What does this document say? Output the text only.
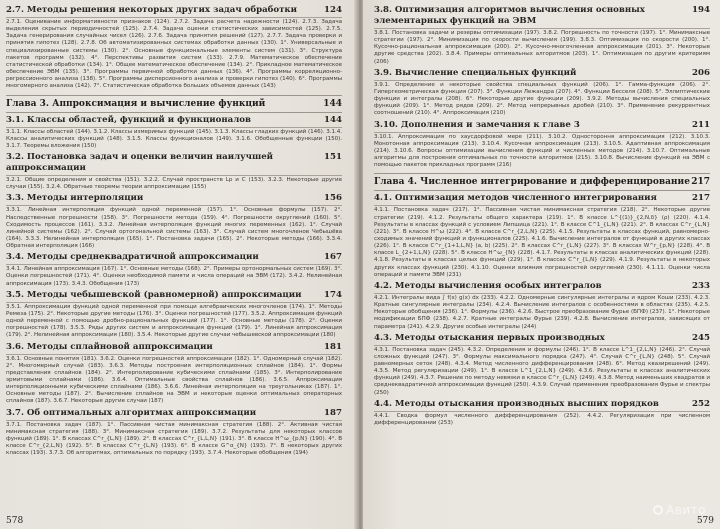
2.7. Методы решения некоторых других задач обработки	124
2.7.1. Оценивание информативности признаков (124). 2.7.2. Задача расчета надежности (124). 2.7.3. Задача выделения скрытых периодичностей (125). 2.7.4. Задача оценки статистических зависимостей (125). 2.7.5. Задача генерирования случайных чисел (126). 2.7.6. Задача принятия решений (127). 2.7.7. Задача проверки и принятия гипотез (128). 2.7.8. Об автоматизированных системах обработки данных (130). 1°. Универсальные и специализированные системы (130). 2°. Основные функциональные элементы систем (131). 3°. Структура пакетов программ (132). 4°. Перспективы развития систем (133). 2.7.9. Математическое обеспечение статистической обработки (134). 1°. Общее математическое обеспечение (134). 2°. Прикладное математическое обеспечение ЭВМ (135). 3°. Программы первичной обработки данных (136). 4°. Программы корреляционно-регрессионного анализа (138). 5°. Программы дисперсионного анализа и проверки гипотез (140). 6°. Программы многомерного анализа (142). 7°. Статистическая обработка больших объемов данных (143)
Глава 3. Аппроксимация и вычисление функций	144
3.1. Классы областей, функций и функционалов	144
3.1.1. Классы областей (144). 3.1.2. Классы измеримых функций (145). 3.1.3. Классы гладких функций (146). 3.1.4. Классы аналитических функций (148). 3.1.5. Классы функционалов (149). 3.1.6. Обобщенные функции (150). 3.1.7. Теоремы вложения (150)
3.2. Постановка задач и оценки величин наилучшей аппроксимации
151
3.2.1. Общие определения и свойства (151). 3.2.2. Случай пространств Lp и C (153). 3.2.3. Некоторые другие случаи (155). 3.2.4. Обратные теоремы теории аппроксимации (155)
3.3. Методы интерполяции	156
3.3.1. Линейная интерполяция функций одной переменной (157). 1°. Основные формулы (157). 2°. Наследственные погрешности (158). 3°. Погрешности метода (159). 4°. Погрешности округлений (160). 5°. Сходимость процессов (161). 3.3.2. Линейная интерполяция функций многих переменных (162). 1°. Случай линейной системы (162). 2°. Случай ортогональной системы (163). 3°. Случай систем многочленов Чебышёва (164). 3.3.3. Нелинейная интерполяция (165). 1°. Постановка задачи (165). 2°. Некоторые методы (166). 3.3.4. Обратная интерполяция (166)
3.4. Методы среднеквадратичной аппроксимации	167
3.4.1. Линейная аппроксимация (167). 1°. Основные методы (168). 2°. Примеры ортонормальных систем (169). 3°. Оценки погрешностей (171). 4°. Оценки необходимой памяти и числа операций на ЭВМ (172). 3.4.2. Нелинейная аппроксимация (173). 3.4.3. Обобщения (173)
3.5. Методы чебышевской (равномерной) аппроксимации	174
3.5.1. Аппроксимация функций одной переменной при помощи алгебраических многочленов (174). 1°. Методы Ремеза (175). 2°. Некоторые другие методы (176). 3°. Оценки погрешностей (177). 3.5.2. Аппроксимация функций одной переменной с помощью дробно-рациональных функций (177). 1°. Основные методы (178). 2°. Оценки погрешностей (178). 3.5.3. Ряды других систем и аппроксимация функций (179). 1°. Линейная аппроксимация (179). 2°. Нелинейная аппроксимация (180). 3.5.4. Некоторые другие случаи чебышевской аппроксимации (180)
3.6. Методы сплайновой аппроксимации	181
3.6.1. Основные понятия (181). 3.6.2. Оценки погрешностей аппроксимации (182). 1°. Одномерный случай (182). 2°. Многомерный случай (183). 3.6.3. Методы построения интерполяционных сплайнов (184). 1°. Формы представления сплайнов (184). 2°. Интерполирование кубическими сплайнами (185). 3°. Интерполирование эрмитовыми сплайнами (186). 3.6.4. Оптимальные свойства сплайнов (186). 3.6.5. Аппроксимация интерполяционными кубическими сплайнами (186). 3.6.6. Линейная интерполяция на треугольниках (187). 1°. Основные методы (187). 2°. Вычисление сплайнов на ЭВМ и некоторые оценки оптимальных операторных сплайнов (187). 3.6.7. Некоторые другие случаи (187)
3.7. Об оптимальных алгоритмах аппроксимации	187
3.7.1. Постановка задач (187). 1°. Пассивная чистая минимаксная стратегия (188). 2°. Активная чистая минимаксная стратегия (188). 3°. Минимаксная стратегия (189). 3.7.2. Результаты для некоторых классов функций (189). 1°. В классах C^r_{L,N} (189). 2°. В классах C^r_{L,L,N} (191). 3°. В классе H^ω_{p,N} (190). 4°. В классе C^r_{2,L,N} (192). 5°. В классах C^r_{L,N} (193). 6°. В классе G^α_{N} (193). 7°. В некоторых других классах (193). 3.7.3. Об алгоритмах, оптимальных по порядку (193). 3.7.4. Некоторые обобщения (194)
3.8. Оптимизация алгоритмов вычисления основных элементарных функций на ЭВМ
194
3.8.1. Постановка задачи и резервы оптимизации (197). 3.8.2. Погрешность по точности (197). 1°. Минимаксные стратегии (197). 2°. Минимизация по скорости вычисления (199). 3.8.3. Оптимизация по скорости (200). 1°. Кусочно-рациональная аппроксимация (200). 2°. Кусочно-многочленная аппроксимация (201). 3°. Некоторые другие средства (202). 3.8.4. Примеры оптимальных алгоритмов (203). 1°. Оптимизация по другим критериям (206)
3.9. Вычисление специальных функций	206
3.9.1. Определение и некоторые свойства специальных функций (206). 1°. Гамма-функция (206). 2°. Гипергеометрическая функция (207). 3°. Функции Лежандра (207). 4°. Функции Бесселя (208). 5°. Эллиптические функции и интегралы (208). 6°. Некоторые другие функции (209). 3.9.2. Методы вычисления специальных функций (209). 1°. Метод рядов (209). 2°. Метод непрерывных дробей (210). 3°. Применение рекуррентных соотношений (210). 4°. Аппроксимация (210)
3.10. Дополнения и замечания к главе 3	211
3.10.1. Аппроксимация по хаусдорфовой мере (211). 3.10.2. Одностороння аппроксимация (212). 3.10.3. Монотонная аппроксимация (213). 3.10.4. Кусочная аппроксимация (213). 3.10.5. Адаптивная аппроксимация (214). 3.10.6. Вопросы оптимизации вычисления функций и численных методов (214). 3.10.7. Оптимальные алгоритмы для построения оптимальных по точности алгоритмов (215). 3.10.8. Вычисление функций на ЭВМ с помощью пакетов прикладных программ (216)
Глава 4. Численное интегрирование и дифференцирование 217
4.1. Оптимизация методов численного интегрирования	217
4.1.1. Постановка задач (217). 1°. Пассивная чистая минимаксная стратегия (218). 2°. Некоторые другие стратегии (219). 4.1.2. Результаты общего характера (219). 1°. В классе L^{(1)}_{2,N,δ} (ρ) (220). 4.1.4. Результаты в классах функций с условием Липшица (221). 1°. В классе C^1_{L,N} (221). 2°. В классах C^r_{L,N} (221). 3°. В классе H^ω (222). 4°. В классе C^r_{2,L,N} (225). 4.1.5. Результаты в классах функций, равномерно-сходимых значений функций и функционалов (225). 4.1.6. Вычисление интегралов от функций в других классах (226). 1°. В классе C^r_{1+1,L,N} (a, b) (225). 2°. В классах C^r_{L,N} (227). 3°. В классах W^r_{p,N} (228). 4°. В классе L_{2+1,L,N} (228). 5°. В классе H^ω_{N} (228). 4.1.7. Результаты в классах аналитических функций (228). 4.1.8. Результаты в классах целых функций (229). 1°. В классах C^r_{L,N} (229). 4.1.9. Результаты в некоторых других классах функций (230). 4.1.10. Оценки влияния погрешностей округлений (230). 4.1.11. Оценки числа операций и памяти ЭВМ (231)
4.2. Методы вычисления особых интегралов	233
4.2.1. Интегралы вида ∫ f(x) g(x) dx (233). 4.2.2. Одномерные сингулярные интегралы и ядром Коши (233). 4.2.3. Кратные сингулярные интегралы (234). 4.2.4. Вычисление интегралов с особенностями в областях (235). 4.2.5. Некоторые обобщения (236). 1°. Формулы (236). 4.2.6. Быстрое преобразование Фурье (БПФ) (237). 1°. Некоторые модификации БПФ (238). 4.2.7. Кратные интегралы Фурье (239). 4.2.8. Вычисление интегралов, зависящих от параметра (241). 4.2.9. Другие особые интегралы (244)
4.3. Методы отыскания первых производных	245
4.3.1. Постановка задач (245). 4.3.2. Определения и формулы (246). 1°. В классе L^1_{2,L,N} (246). 2°. Случай сложных функций (247). 3°. Формулы максимального порядка (247). 4°. Случай C^r_{L,N} (248). 5°. Случай равномерных сеток (248). 4.3.4. Метод численного дифференцирования (248). 6°. Метод квазирешений (249). 4.3.5. Метод регуляризации (249). 1°. В классе L^1_{2,L,N} (249). 4.3.6. Результаты в классах аналитических функций (249). 4.3.7. Решение по методу невязки в классе C^r_{L,N} (249). 4.3.8. Метод наименьших квадратов и среднеквадратичной аппроксимации функций (250). 4.3.9. Случай применения преобразования Фурье и спектры (250)
4.4. Методы отыскания производных высших порядков	252
4.4.1. Сводка формул численного дифференцирования (252). 4.4.2. Регуляризация при численном дифференцировании (253)
578	579
Авито
